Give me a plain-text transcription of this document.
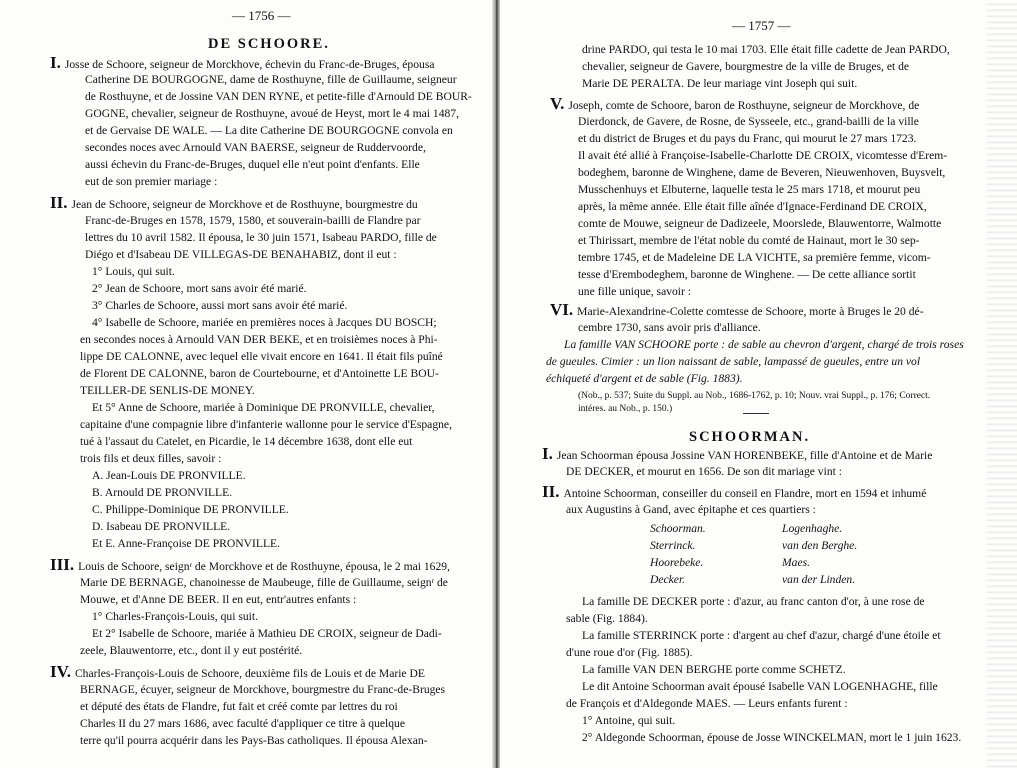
— 1756 —
DE SCHOORE.
I. Josse de Schoore, seigneur de Morckhove, échevin du Franc-de-Bruges, épousa
Catherine DE BOURGOGNE, dame de Rosthuyne, fille de Guillaume, seigneur
de Rosthuyne, et de Jossine VAN DEN RYNE, et petite-fille d'Arnould DE BOUR-
GOGNE, chevalier, seigneur de Rosthuyne, avoué de Heyst, mort le 4 mai 1487,
et de Gervaise DE WALE. — La dite Catherine DE BOURGOGNE convola en
secondes noces avec Arnould VAN BAERSE, seigneur de Ruddervoorde,
aussi échevin du Franc-de-Bruges, duquel elle n'eut point d'enfants. Elle
eut de son premier mariage :
II. Jean de Schoore, seigneur de Morckhove et de Rosthuyne, bourgmestre du
Franc-de-Bruges en 1578, 1579, 1580, et souverain-bailli de Flandre par
lettres du 10 avril 1582. Il épousa, le 30 juin 1571, Isabeau PARDO, fille de
Diégo et d'Isabeau DE VILLEGAS-DE BENAHABIZ, dont il eut :
1° Louis, qui suit.
2° Jean de Schoore, mort sans avoir été marié.
3° Charles de Schoore, aussi mort sans avoir été marié.
4° Isabelle de Schoore, mariée en premières noces à Jacques DU BOSCH;
en secondes noces à Arnould VAN DER BEKE, et en troisièmes noces à Phi-
lippe DE CALONNE, avec lequel elle vivait encore en 1641. Il était fils puîné
de Florent DE CALONNE, baron de Courtebourne, et d'Antoinette LE BOU-
TEILLER-DE SENLIS-DE MONEY.
Et 5° Anne de Schoore, mariée à Dominique DE PRONVILLE, chevalier,
capitaine d'une compagnie libre d'infanterie wallonne pour le service d'Espagne,
tué à l'assaut du Catelet, en Picardie, le 14 décembre 1638, dont elle eut
trois fils et deux filles, savoir :
A. Jean-Louis DE PRONVILLE.
B. Arnould DE PRONVILLE.
C. Philippe-Dominique DE PRONVILLE.
D. Isabeau DE PRONVILLE.
Et E. Anne-Françoise DE PRONVILLE.
III. Louis de Schoore, seignʳ de Morckhove et de Rosthuyne, épousa, le 2 mai 1629,
Marie DE BERNAGE, chanoinesse de Maubeuge, fille de Guillaume, seignʳ de
Mouwe, et d'Anne DE BEER. Il en eut, entr'autres enfants :
1° Charles-François-Louis, qui suit.
Et 2° Isabelle de Schoore, mariée à Mathieu DE CROIX, seigneur de Dadi-
zeele, Blauwentorre, etc., dont il y eut postérité.
IV. Charles-François-Louis de Schoore, deuxième fils de Louis et de Marie DE
BERNAGE, écuyer, seigneur de Morckhove, bourgmestre du Franc-de-Bruges
et député des états de Flandre, fut fait et créé comte par lettres du roi
Charles II du 27 mars 1686, avec faculté d'appliquer ce titre à quelque
terre qu'il pourra acquérir dans les Pays-Bas catholiques. Il épousa Alexan-
— 1757 —
SCHOORMAN.
drine PARDO, qui testa le 10 mai 1703. Elle était fille cadette de Jean PARDO,
chevalier, seigneur de Gavere, bourgmestre de la ville de Bruges, et de
Marie DE PERALTA. De leur mariage vint Joseph qui suit.
V. Joseph, comte de Schoore, baron de Rosthuyne, seigneur de Morckhove, de
Dierdonck, de Gavere, de Rosne, de Sysseele, etc., grand-bailli de la ville
et du district de Bruges et du pays du Franc, qui mourut le 27 mars 1723.
Il avait été allié à Françoise-Isabelle-Charlotte DE CROIX, vicomtesse d'Erem-
bodeghem, baronne de Winghene, dame de Beveren, Nieuwenhoven, Buysvelt,
Musschenhuys et Elbuterne, laquelle testa le 25 mars 1718, et mourut peu
après, la même année. Elle était fille aînée d'Ignace-Ferdinand DE CROIX,
comte de Mouwe, seigneur de Dadizeele, Moorslede, Blauwentorre, Walmotte
et Thirissart, membre de l'état noble du comté de Hainaut, mort le 30 sep-
tembre 1745, et de Madeleine DE LA VICHTE, sa première femme, vicom-
tesse d'Erembodeghem, baronne de Winghene. — De cette alliance sortit
une fille unique, savoir :
VI. Marie-Alexandrine-Colette comtesse de Schoore, morte à Bruges le 20 dé-
cembre 1730, sans avoir pris d'alliance.
La famille VAN SCHOORE porte : de sable au chevron d'argent, chargé de trois roses
de gueules. Cimier : un lion naissant de sable, lampassé de gueules, entre un vol
échiqueté d'argent et de sable (Fig. 1883).
(Nob., p. 537; Suite du Suppl. au Nob., 1686-1762, p. 10; Nouv. vrai Suppl., p. 176; Correct.
intéres. au Nob., p. 150.)
I. Jean Schoorman épousa Jossine VAN HORENBEKE, fille d'Antoine et de Marie
DE DECKER, et mourut en 1656. De son dit mariage vint :
II. Antoine Schoorman, conseiller du conseil en Flandre, mort en 1594 et inhumé
aux Augustins à Gand, avec épitaphe et ces quartiers :
Schoorman.
Sterrinck.
Hoorebeke.
Decker.
Logenhaghe.
van den Berghe.
Maes.
van der Linden.
La famille DE DECKER porte : d'azur, au franc canton d'or, à une rose de
sable (Fig. 1884).
La famille STERRINCK porte : d'argent au chef d'azur, chargé d'une étoile et
d'une roue d'or (Fig. 1885).
La famille VAN DEN BERGHE porte comme SCHETZ.
Le dit Antoine Schoorman avait épousé Isabelle VAN LOGENHAGHE, fille
de François et d'Aldegonde MAES. — Leurs enfants furent :
1° Antoine, qui suit.
2° Aldegonde Schoorman, épouse de Josse WINCKELMAN, mort le 1 juin 1623.
